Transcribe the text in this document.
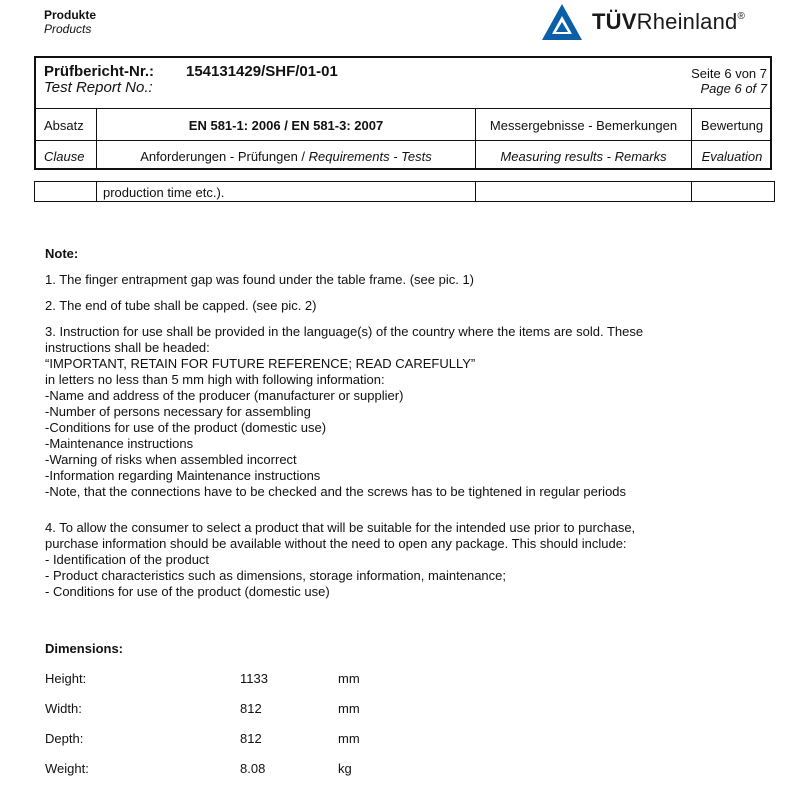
Produkte
Products	TÜVRheinland®
Prüfbericht-Nr.:
Test Report No.:
154131429/SHF/01-01	Seite 6 von 7
Page 6 of 7
Absatz	EN 581-1: 2006 / EN 581-3: 2007	Messergebnisse - Bemerkungen	Bewertung
Clause	Anforderungen - Prüfungen / Requirements - Tests	Measuring results - Remarks	Evaluation
production time etc.).
Note:
1. The finger entrapment gap was found under the table frame. (see pic. 1)
2. The end of tube shall be capped. (see pic. 2)
3. Instruction for use shall be provided in the language(s) of the country where the items are sold. These
instructions shall be headed:
“IMPORTANT, RETAIN FOR FUTURE REFERENCE; READ CAREFULLY”
in letters no less than 5 mm high with following information:
-Name and address of the producer (manufacturer or supplier)
-Number of persons necessary for assembling
-Conditions for use of the product (domestic use)
-Maintenance instructions
-Warning of risks when assembled incorrect
-Information regarding Maintenance instructions
-Note, that the connections have to be checked and the screws has to be tightened in regular periods
4. To allow the consumer to select a product that will be suitable for the intended use prior to purchase,
purchase information should be available without the need to open any package. This should include:
- Identification of the product
- Product characteristics such as dimensions, storage information, maintenance;
- Conditions for use of the product (domestic use)
Dimensions:
Height:	1133	mm
Width:	812	mm
Depth:	812	mm
Weight:	8.08	kg
